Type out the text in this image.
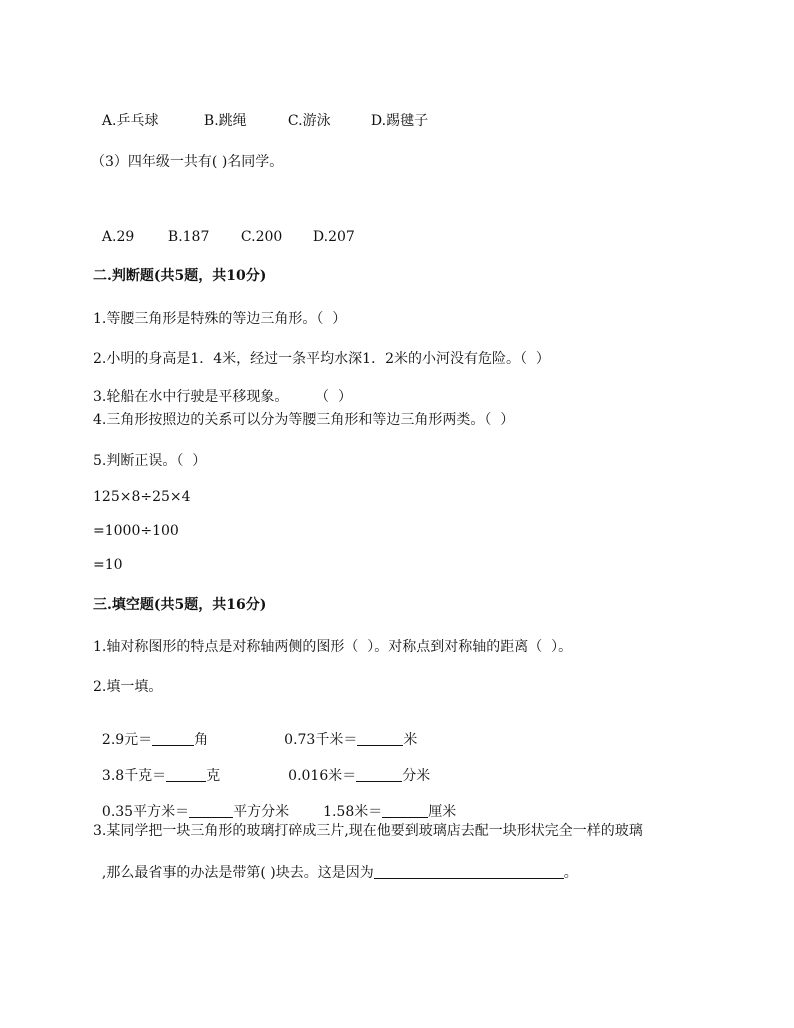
A.乒乓球	B.跳绳	C.游泳	D.踢毽子

（3）四年级一共有( )名同学。

A.29 B.187 C.200 D.207

二.判断题(共5题，共10分)
1.等腰三角形是特殊的等边三角形。（  ）
2.小明的身高是1．4米，经过一条平均水深1．2米的小河没有危险。（  ）
3.轮船在水中行驶是平移现象。      （  ）
4.三角形按照边的关系可以分为等腰三角形和等边三角形两类。（  ）
5.判断正误。（  ）
125×8÷25×4
=1000÷100
=10
三.填空题(共5题，共16分)
1.轴对称图形的特点是对称轴两侧的图形（  ）。对称点到对称轴的距离（  ）。
2.填一填。

2.9元＝	角	0.73千米＝	米

3.8千克＝	克	0.016米＝	分米

0.35平方米＝	平方分米 1.58米＝	厘米

3.某同学把一块三角形的玻璃打碎成三片,现在他要到玻璃店去配一块形状完全一样的玻璃

,那么最省事的办法是带第( )块去。这是因为	。
